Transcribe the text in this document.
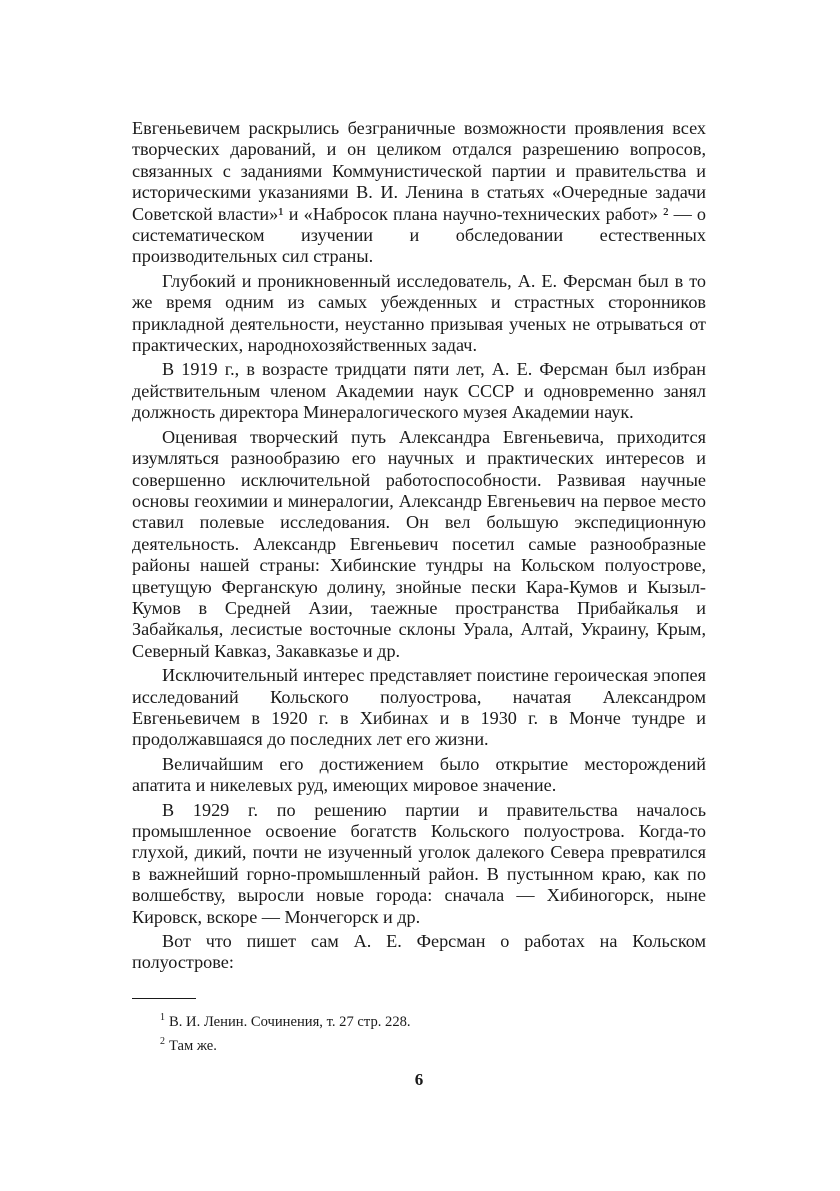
Евгеньевичем раскрылись безграничные возможности проявления всех творческих дарований, и он целиком отдался разрешению вопросов, связанных с заданиями Коммунистической партии и правительства и историческими указаниями В. И. Ленина в статьях «Очередные задачи Советской власти»¹ и «Набросок плана научно-технических работ» ² — о систематическом изучении и обследовании естественных производительных сил страны.

Глубокий и проникновенный исследователь, А. Е. Ферсман был в то же время одним из самых убежденных и страстных сторонников прикладной деятельности, неустанно призывая ученых не отрываться от практических, народнохозяйственных задач.

В 1919 г., в возрасте тридцати пяти лет, А. Е. Ферсман был избран действительным членом Академии наук СССР и одновременно занял должность директора Минералогического музея Академии наук.

Оценивая творческий путь Александра Евгеньевича, приходится изумляться разнообразию его научных и практических интересов и совершенно исключительной работоспособности. Развивая научные основы геохимии и минералогии, Александр Евгеньевич на первое место ставил полевые исследования. Он вел большую экспедиционную деятельность. Александр Евгеньевич посетил самые разнообразные районы нашей страны: Хибинские тундры на Кольском полуострове, цветущую Ферганскую долину, знойные пески Кара-Кумов и Кызыл-Кумов в Средней Азии, таежные пространства Прибайкалья и Забайкалья, лесистые восточные склоны Урала, Алтай, Украину, Крым, Северный Кавказ, Закавказье и др.

Исключительный интерес представляет поистине героическая эпопея исследований Кольского полуострова, начатая Александром Евгеньевичем в 1920 г. в Хибинах и в 1930 г. в Монче тундре и продолжавшаяся до последних лет его жизни.

Величайшим его достижением было открытие месторождений апатита и никелевых руд, имеющих мировое значение.

В 1929 г. по решению партии и правительства началось промышленное освоение богатств Кольского полуострова. Когда-то глухой, дикий, почти не изученный уголок далекого Севера превратился в важнейший горно-промышленный район. В пустынном краю, как по волшебству, выросли новые города: сначала — Хибиногорск, ныне Кировск, вскоре — Мончегорск и др.

Вот что пишет сам А. Е. Ферсман о работах на Кольском полуострове:

$^1$ В. И. Ленин. Сочинения, т. 27 стр. 228.
$^2$ Там же.
6
